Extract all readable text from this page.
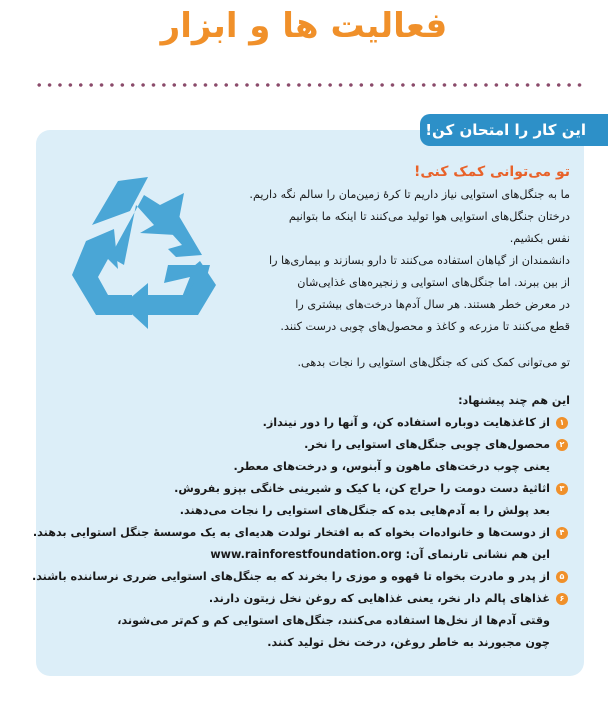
فعالیت ها و ابزار
این کار را امتحان کن!
تو می‌توانی کمک کنی!
ما به جنگل‌های استوایی نیاز داریم تا کرهٔ زمین‌مان را سالم نگه داریم.
درختان جنگل‌های استوایی هوا تولید می‌کنند تا اینکه ما بتوانیم
نفس بکشیم.
دانشمندان از گیاهان استفاده می‌کنند تا دارو بسازند و بیماری‌ها را
از بین ببرند. اما جنگل‌های استوایی و زنجیره‌های غذایی‌شان
در معرض خطر هستند. هر سال آدم‌ها درخت‌های بیشتری را
قطع می‌کنند تا مزرعه و کاغذ و محصول‌های چوبی درست کنند.

تو می‌توانی کمک کنی که جنگل‌های استوایی را نجات بدهی.

این هم چند پیشنهاد:
۱
از کاغذهایت دوباره استفاده کن، و آنها را دور نینداز.
۲
محصول‌های چوبی جنگل‌های استوایی را نخر.
یعنی چوب درخت‌های ماهون و آبنوس، و درخت‌های معطر.
۳
اثاثیهٔ دست دومت را حراج کن، یا کیک و شیرینی خانگی بپزو بفروش.
بعد پولش را به آدم‌هایی بده که جنگل‌های استوایی را نجات می‌دهند.
۴
از دوست‌ها و خانواده‌ات بخواه که به افتخار تولدت هدیه‌ای به یک موسسهٔ جنگل استوایی بدهند.
این هم نشانی تارنمای آن: www.rainforestfoundation.org
۵
از پدر و مادرت بخواه تا قهوه و موزی را بخرند که به جنگل‌های استوایی ضرری نرساننده باشند.
۶
غذاهای پالم دار نخر، یعنی غذاهایی که روغن نخل زیتون دارند.
وقتی آدم‌ها از نخل‌ها استفاده می‌کنند، جنگل‌های استوایی کم و کم‌تر می‌شوند،
چون مجبورند به خاطر روغن، درخت نخل تولید کنند.
